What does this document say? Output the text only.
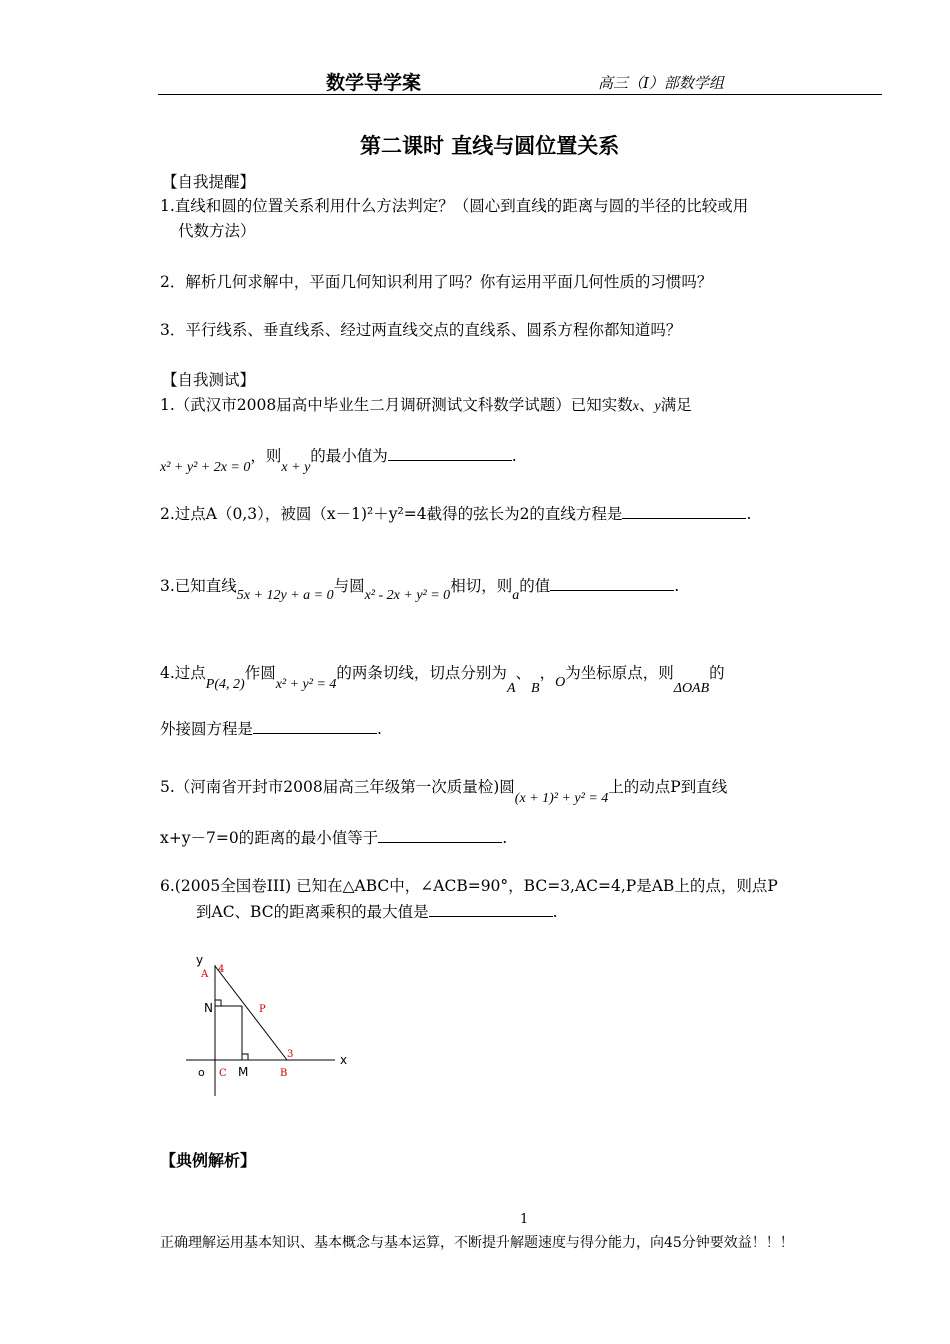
数学导学案	高三（Ⅰ）部数学组
第二课时 直线与圆位置关系
【自我提醒】
1.直线和圆的位置关系利用什么方法判定？（圆心到直线的距离与圆的半径的比较或用
代数方法）
2．解析几何求解中，平面几何知识利用了吗？你有运用平面几何性质的习惯吗？
3．平行线系、垂直线系、经过两直线交点的直线系、圆系方程你都知道吗？
【自我测试】
1.（武汉市2008届高中毕业生二月调研测试文科数学试题）已知实数x、y满足
x² + y² + 2x = 0，则x + y的最小值为	.
2.过点A（0,3），被圆（x－1)²＋y²=4截得的弦长为2的直线方程是	.
3.已知直线5x + 12y + a = 0与圆x² - 2x + y² = 0相切，则a的值	.
4.过点P(4, 2)作圆x² + y² = 4的两条切线，切点分别为A、B，O为坐标原点，则ΔOAB的
外接圆方程是	.
5.（河南省开封市2008届高三年级第一次质量检)圆(x + 1)² + y² = 4上的动点P到直线
x+y－7=0的距离的最小值等于	.
6.(2005全国卷III) 已知在△ABC中，∠ACB=90°，BC=3,AC=4,P是AB上的点，则点P
到AC、BC的距离乘积的最大值是	.
y
x
A 4
N	P
3
o C M	B
【典例解析】
1
正确理解运用基本知识、基本概念与基本运算，不断提升解题速度与得分能力，向45分钟要效益！！！
